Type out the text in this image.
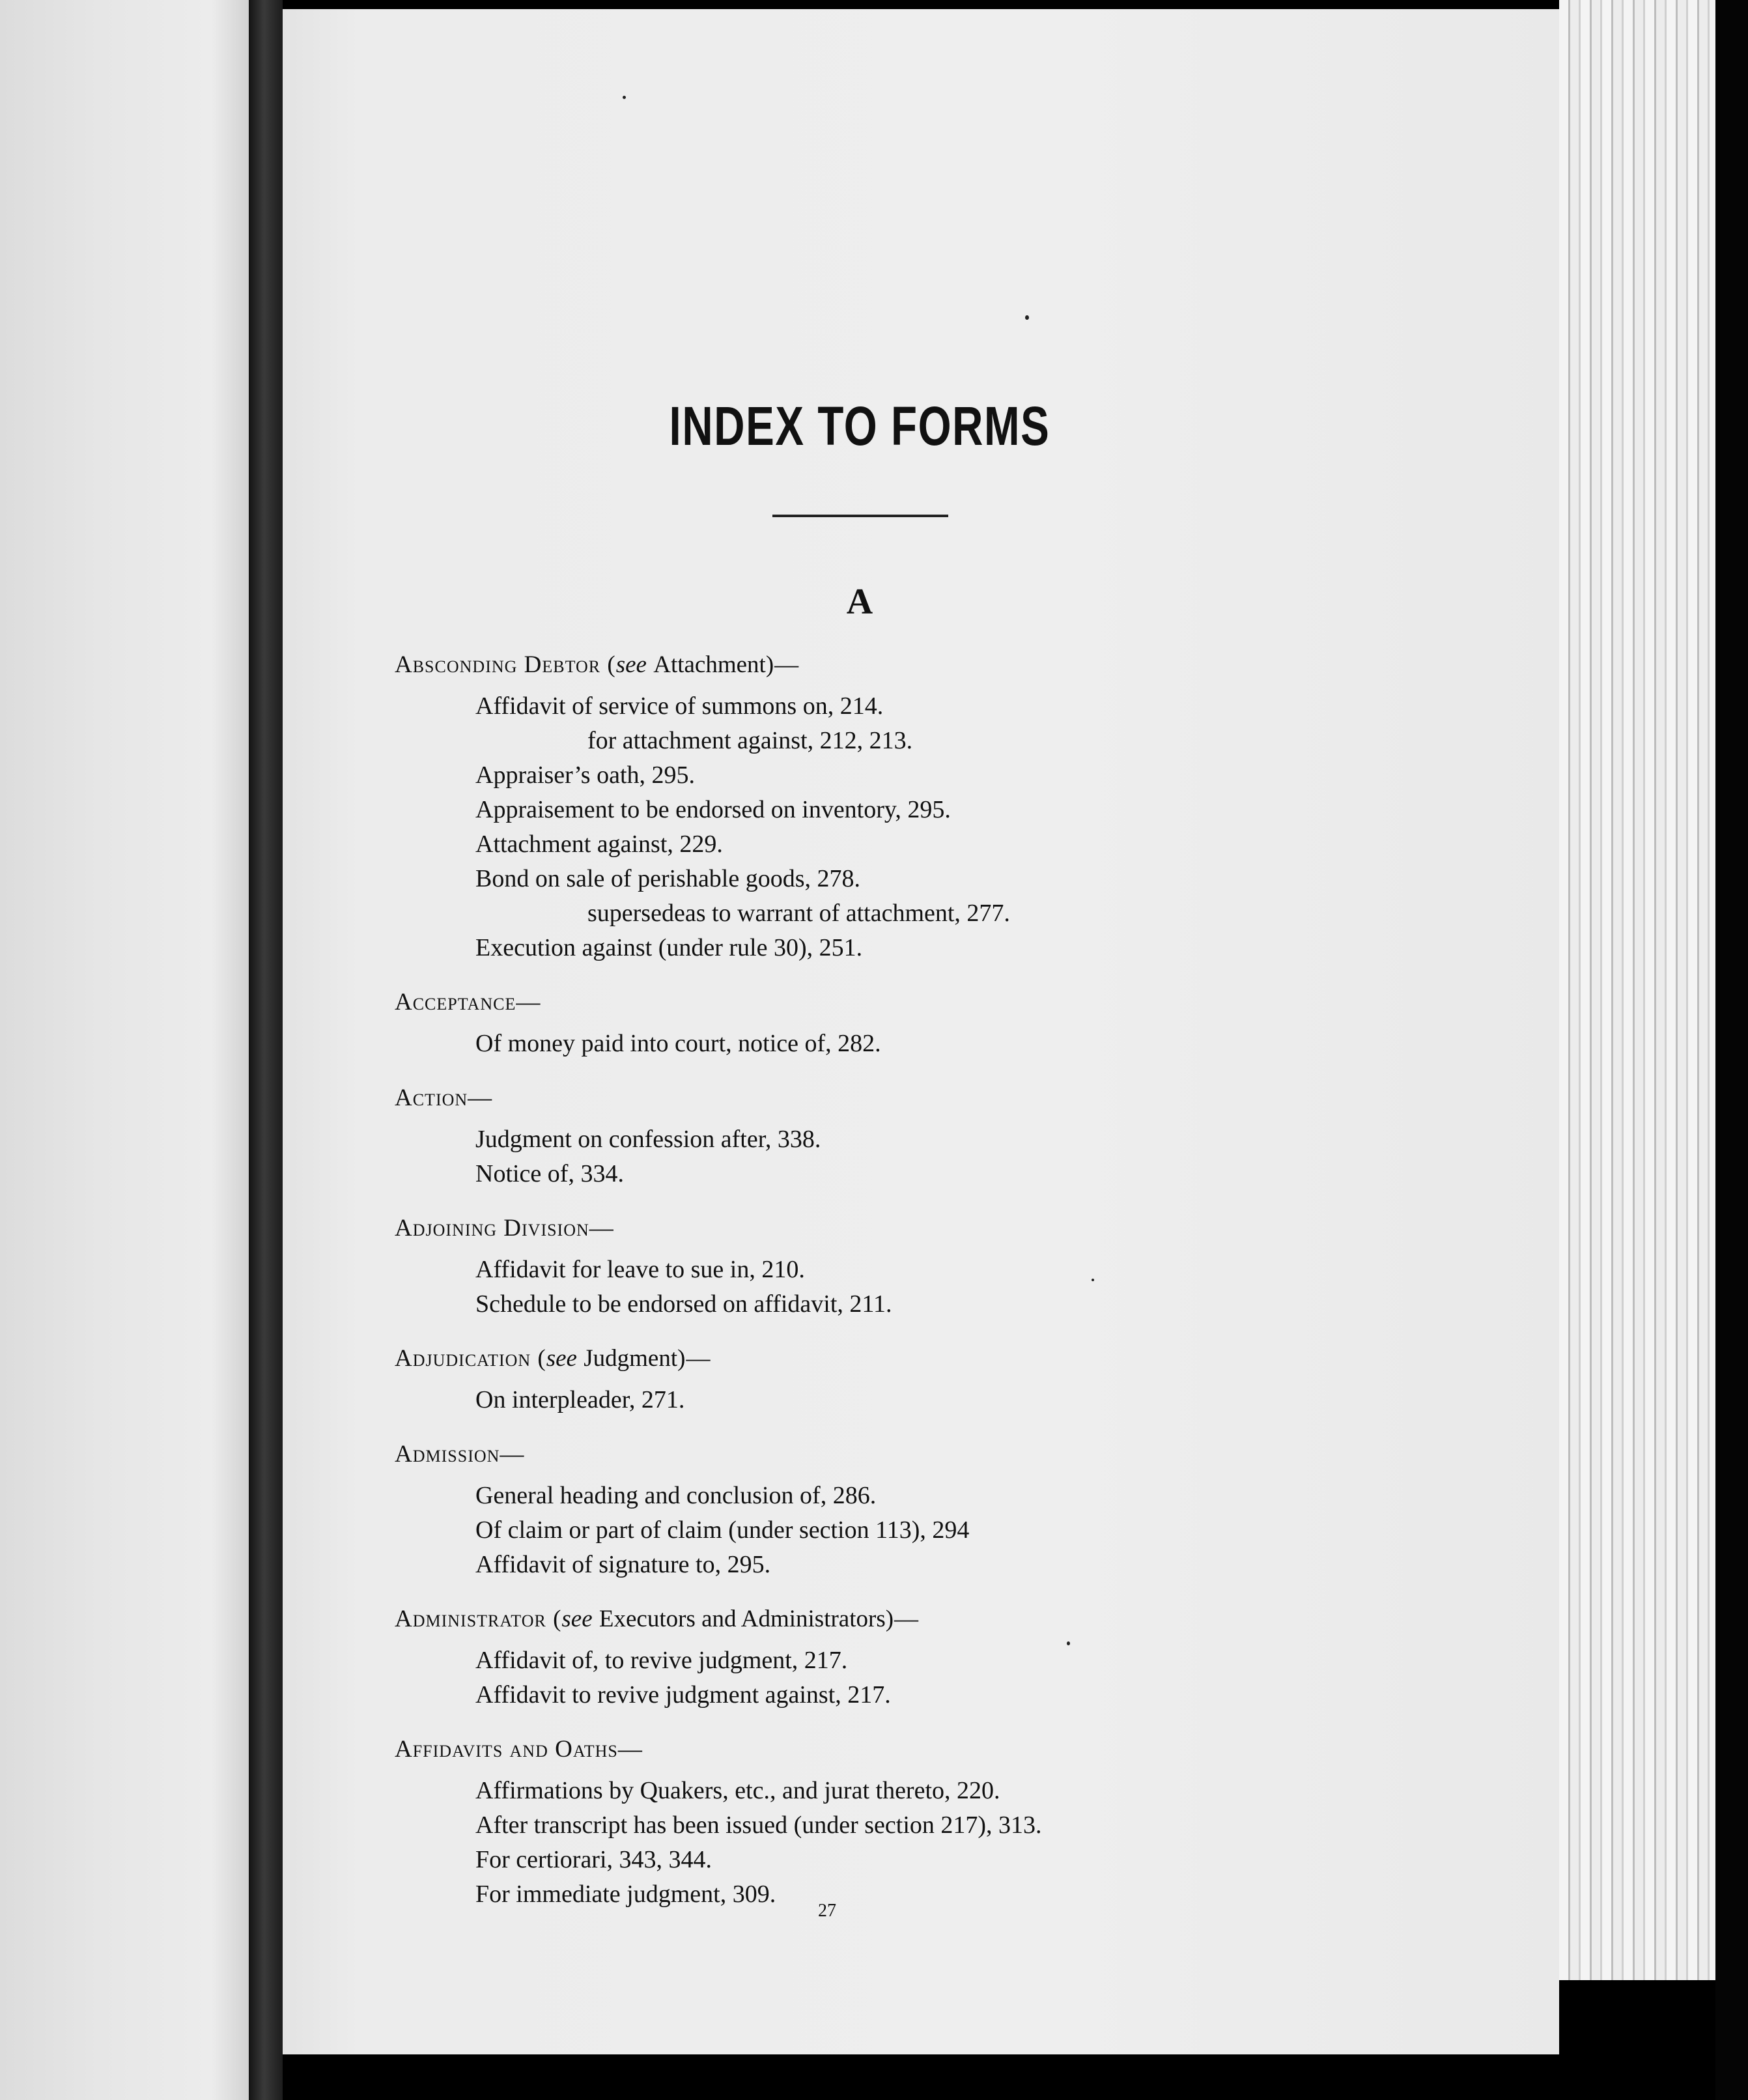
INDEX TO FORMS
A
Absconding Debtor (see Attachment)—
Affidavit of service of summons on, 214.
for attachment against, 212, 213.
Appraiser’s oath, 295.
Appraisement to be endorsed on inventory, 295.
Attachment against, 229.
Bond on sale of perishable goods, 278.
supersedeas to warrant of attachment, 277.
Execution against (under rule 30), 251.
Acceptance—
Of money paid into court, notice of, 282.
Action—
Judgment on confession after, 338.
Notice of, 334.
Adjoining Division—
Affidavit for leave to sue in, 210.
Schedule to be endorsed on affidavit, 211.
Adjudication (see Judgment)—
On interpleader, 271.
Admission—
General heading and conclusion of, 286.
Of claim or part of claim (under section 113), 294
Affidavit of signature to, 295.
Administrator (see Executors and Administrators)—
Affidavit of, to revive judgment, 217.
Affidavit to revive judgment against, 217.
Affidavits and Oaths—
Affirmations by Quakers, etc., and jurat thereto, 220.
After transcript has been issued (under section 217), 313.
For certiorari, 343, 344.
For immediate judgment, 309.
27
